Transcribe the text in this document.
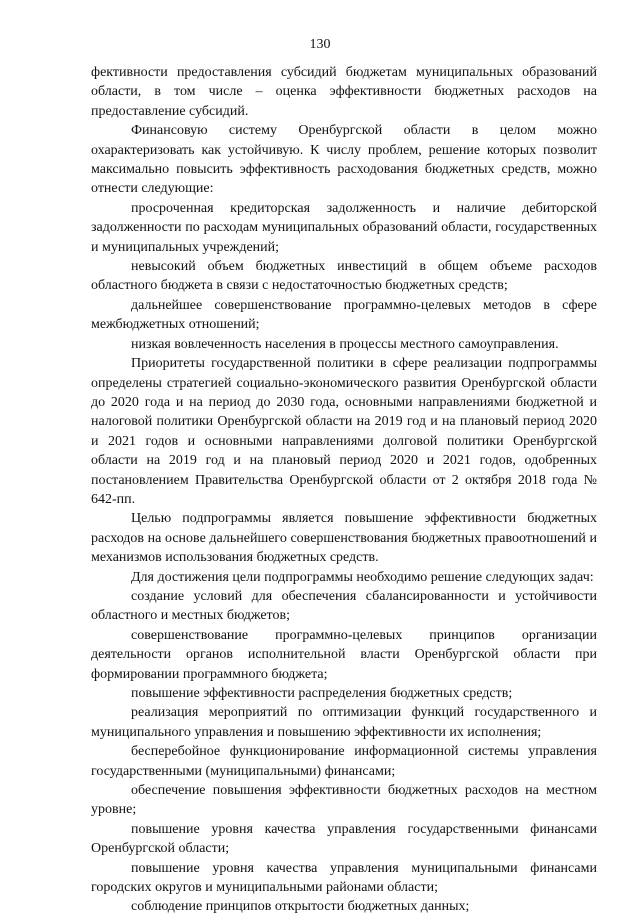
130

фективности предоставления субсидий бюджетам муниципальных образований области, в том числе – оценка эффективности бюджетных расходов на предоставление субсидий.

Финансовую систему Оренбургской области в целом можно охарактеризовать как устойчивую. К числу проблем, решение которых позволит максимально повысить эффективность расходования бюджетных средств, можно отнести следующие:

просроченная кредиторская задолженность и наличие дебиторской задолженности по расходам муниципальных образований области, государственных и муниципальных учреждений;

невысокий объем бюджетных инвестиций в общем объеме расходов областного бюджета в связи с недостаточностью бюджетных средств;

дальнейшее совершенствование программно-целевых методов в сфере межбюджетных отношений;

низкая вовлеченность населения в процессы местного самоуправления.

Приоритеты государственной политики в сфере реализации подпрограммы определены стратегией социально-экономического развития Оренбургской области до 2020 года и на период до 2030 года, основными направлениями бюджетной и налоговой политики Оренбургской области на 2019 год и на плановый период 2020 и 2021 годов и основными направлениями долговой политики Оренбургской области на 2019 год и на плановый период 2020 и 2021 годов, одобренных постановлением Правительства Оренбургской области от 2 октября 2018 года № 642-пп.

Целью подпрограммы является повышение эффективности бюджетных расходов на основе дальнейшего совершенствования бюджетных правоотношений и механизмов использования бюджетных средств.

Для достижения цели подпрограммы необходимо решение следующих задач:

создание условий для обеспечения сбалансированности и устойчивости областного и местных бюджетов;

совершенствование программно-целевых принципов организации деятельности органов исполнительной власти Оренбургской области при формировании программного бюджета;

повышение эффективности распределения бюджетных средств;

реализация мероприятий по оптимизации функций государственного и муниципального управления и повышению эффективности их исполнения;

бесперебойное функционирование информационной системы управления государственными (муниципальными) финансами;

обеспечение повышения эффективности бюджетных расходов на местном уровне;

повышение уровня качества управления государственными финансами Оренбургской области;

повышение уровня качества управления муниципальными финансами городских округов и муниципальными районами области;

соблюдение принципов открытости бюджетных данных;
